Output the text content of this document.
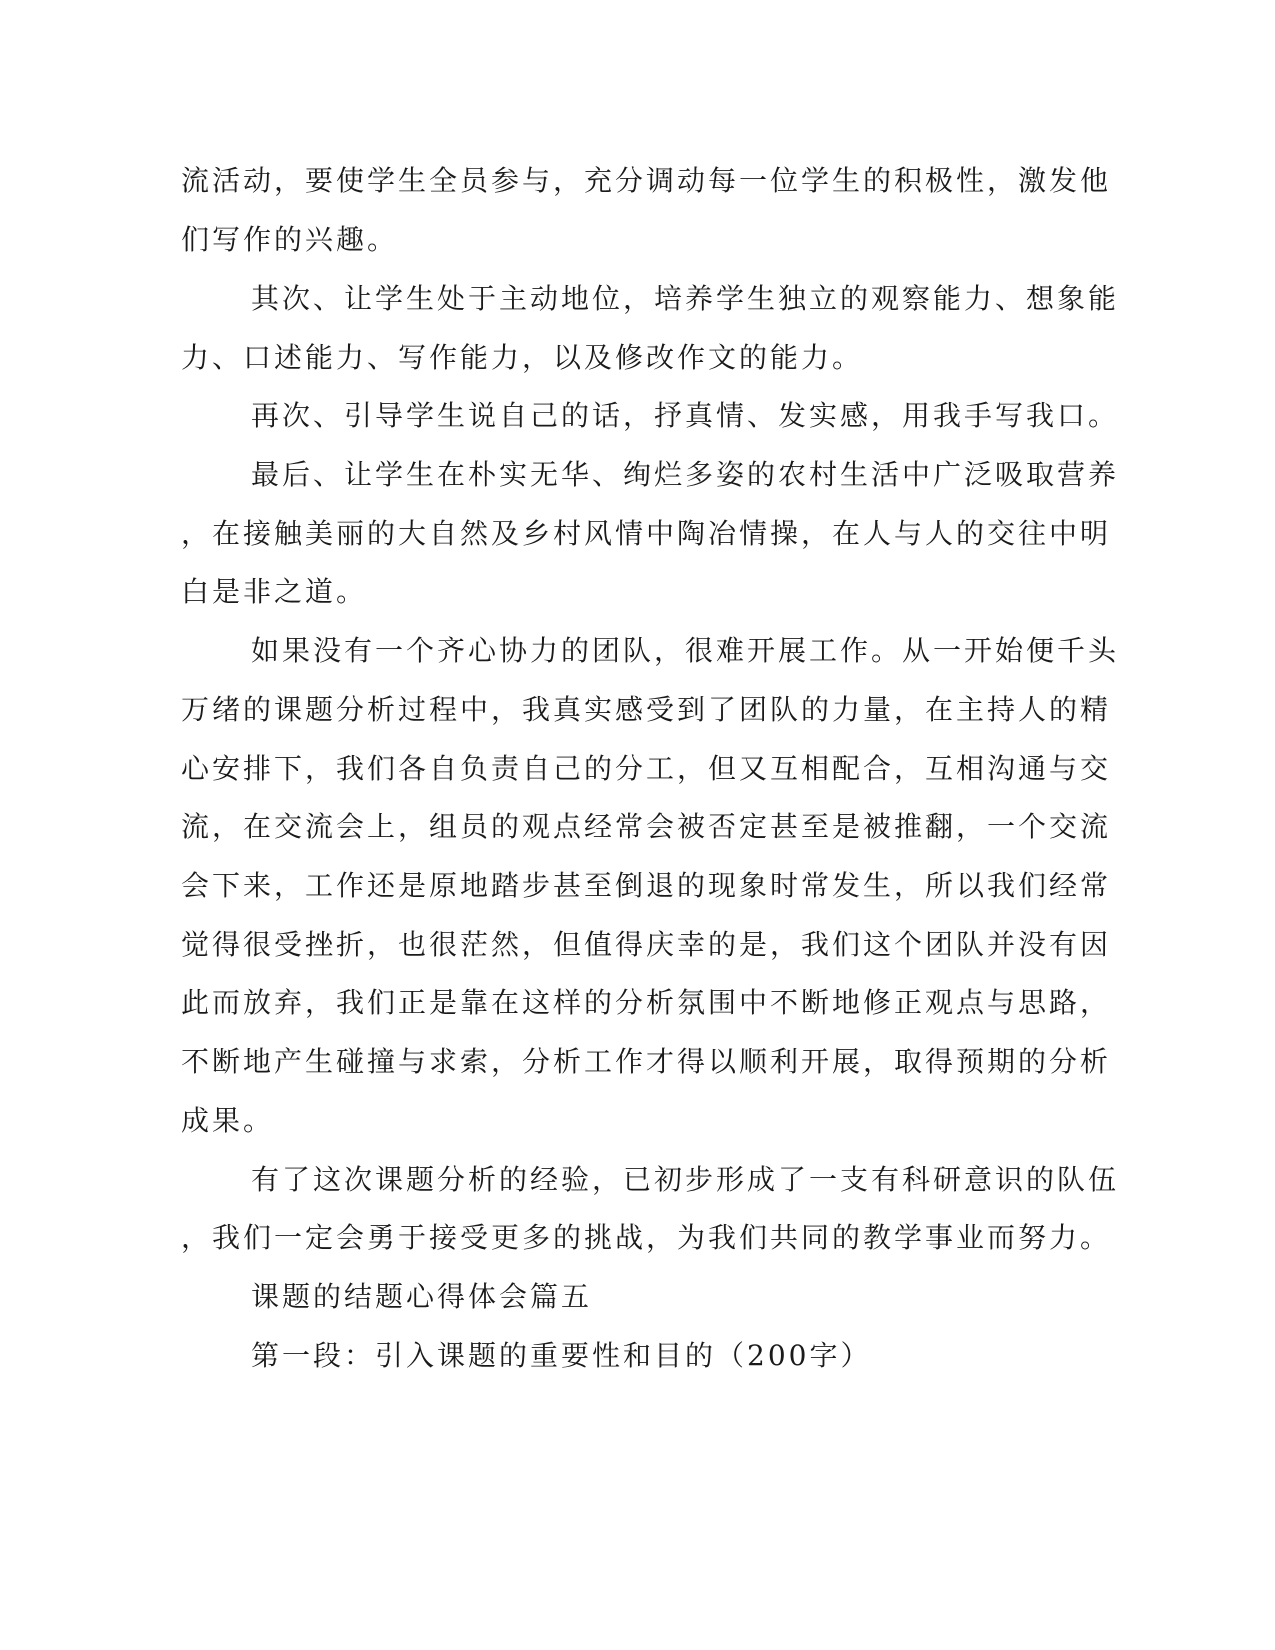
流活动，要使学生全员参与，充分调动每一位学生的积极性，激发他
们写作的兴趣。
其次、让学生处于主动地位，培养学生独立的观察能力、想象能
力、口述能力、写作能力，以及修改作文的能力。
再次、引导学生说自己的话，抒真情、发实感，用我手写我口。
最后、让学生在朴实无华、绚烂多姿的农村生活中广泛吸取营养
，在接触美丽的大自然及乡村风情中陶冶情操，在人与人的交往中明
白是非之道。
如果没有一个齐心协力的团队，很难开展工作。从一开始便千头
万绪的课题分析过程中，我真实感受到了团队的力量，在主持人的精
心安排下，我们各自负责自己的分工，但又互相配合，互相沟通与交
流，在交流会上，组员的观点经常会被否定甚至是被推翻，一个交流
会下来，工作还是原地踏步甚至倒退的现象时常发生，所以我们经常
觉得很受挫折，也很茫然，但值得庆幸的是，我们这个团队并没有因
此而放弃，我们正是靠在这样的分析氛围中不断地修正观点与思路，
不断地产生碰撞与求索，分析工作才得以顺利开展，取得预期的分析
成果。
有了这次课题分析的经验，已初步形成了一支有科研意识的队伍
，我们一定会勇于接受更多的挑战，为我们共同的教学事业而努力。
课题的结题心得体会篇五
第一段：引入课题的重要性和目的（200字）
